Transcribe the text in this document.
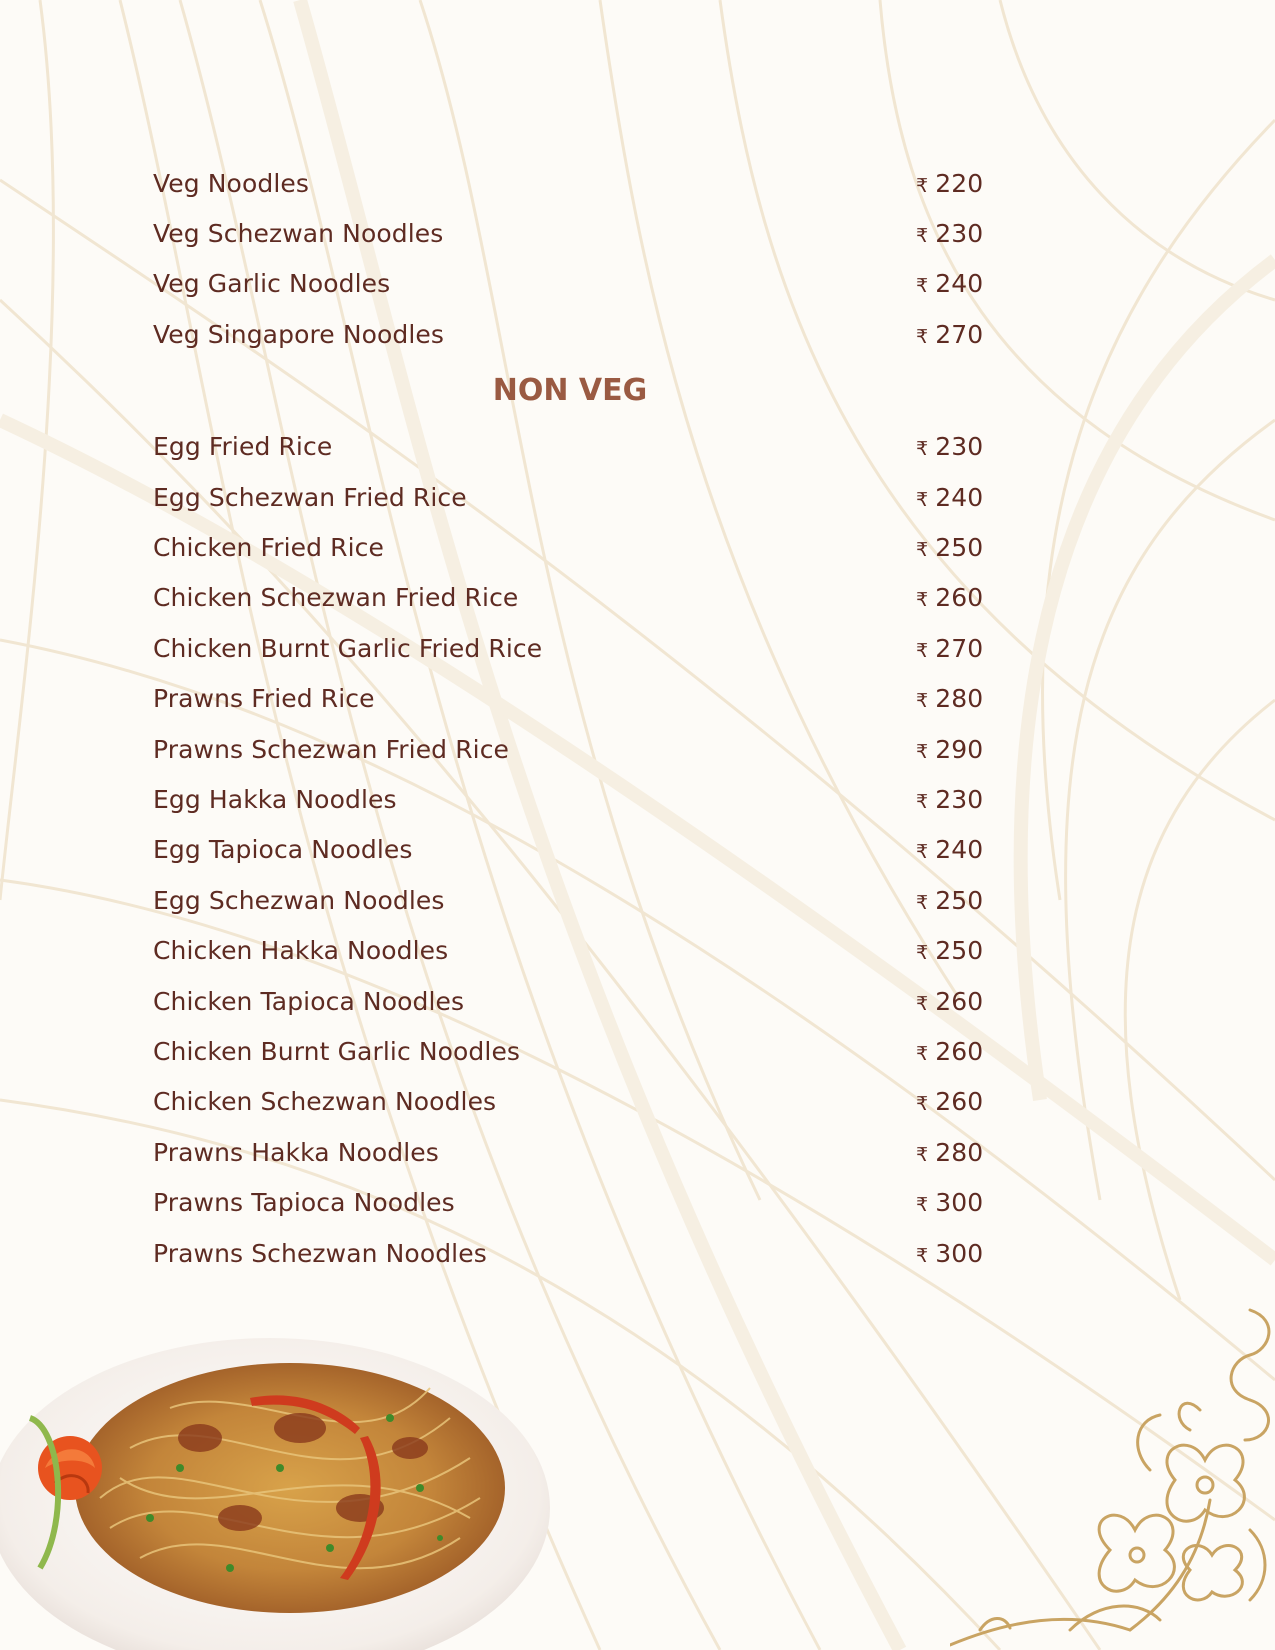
Veg Noodles	₹ 220
Veg Schezwan Noodles	₹ 230
Veg Garlic Noodles	₹ 240
Veg Singapore Noodles	₹ 270
NON VEG
Egg Fried Rice	₹ 230
Egg Schezwan Fried Rice	₹ 240
Chicken Fried Rice	₹ 250
Chicken Schezwan Fried Rice	₹ 260
Chicken Burnt Garlic Fried Rice	₹ 270
Prawns Fried Rice	₹ 280
Prawns Schezwan Fried Rice	₹ 290
Egg Hakka Noodles	₹ 230
Egg Tapioca Noodles	₹ 240
Egg Schezwan Noodles	₹ 250
Chicken Hakka Noodles	₹ 250
Chicken Tapioca Noodles	₹ 260
Chicken Burnt Garlic Noodles	₹ 260
Chicken Schezwan Noodles	₹ 260
Prawns Hakka Noodles	₹ 280
Prawns Tapioca Noodles	₹ 300
Prawns Schezwan Noodles	₹ 300
